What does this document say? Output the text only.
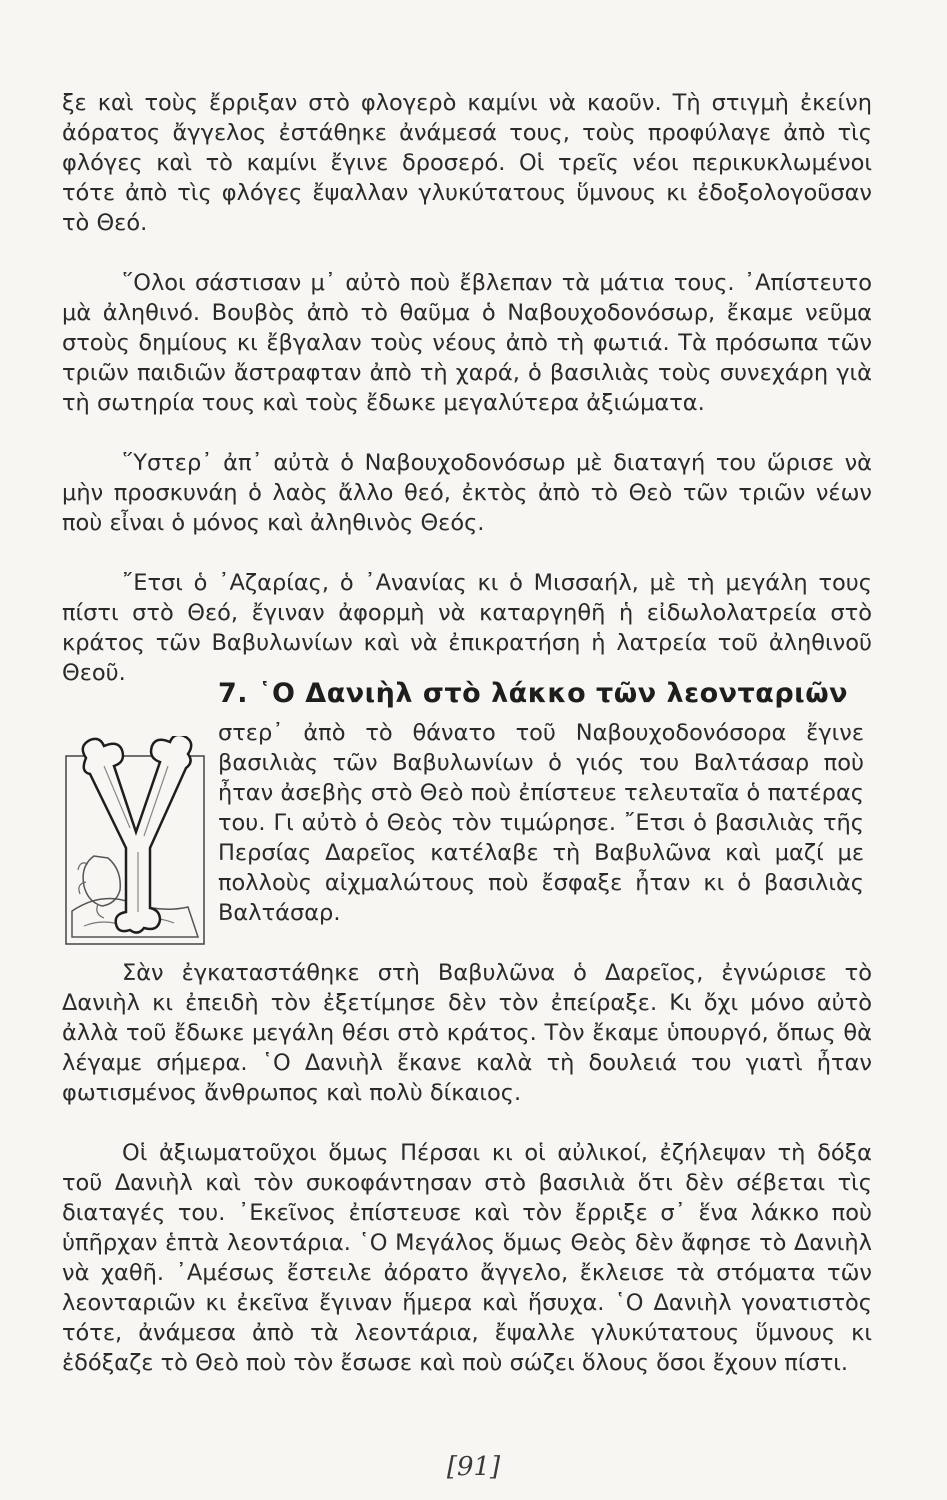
ξε καὶ τοὺς ἔρριξαν στὸ φλογερὸ καμίνι νὰ καοῦν. Τὴ στιγμὴ ἐκείνη ἀόρατος ἄγγελος ἐστάθηκε ἀνάμεσά τους, τοὺς προφύλαγε ἀπὸ τὶς φλόγες καὶ τὸ καμίνι ἔγινε δροσερό. Οἱ τρεῖς νέοι περικυκλωμένοι τότε ἀπὸ τὶς φλόγες ἔψαλλαν γλυκύτατους ὕμνους κι ἐδοξολογοῦσαν τὸ Θεό.

῞Ολοι σάστισαν μ᾿ αὐτὸ ποὺ ἔβλεπαν τὰ μάτια τους. ᾿Απίστευτο μὰ ἀληθινό. Βουβὸς ἀπὸ τὸ θαῦμα ὁ Ναβουχοδονόσωρ, ἔκαμε νεῦμα στοὺς δημίους κι ἔβγαλαν τοὺς νέους ἀπὸ τὴ φωτιά. Τὰ πρόσωπα τῶν τριῶν παιδιῶν ἄστραφταν ἀπὸ τὴ χαρά, ὁ βασιλιὰς τοὺς συνεχάρη γιὰ τὴ σωτηρία τους καὶ τοὺς ἔδωκε μεγαλύτερα ἀξιώματα.

῞Υστερ᾿ ἀπ᾿ αὐτὰ ὁ Ναβουχοδονόσωρ μὲ διαταγή του ὥρισε νὰ μὴν προσκυνάη ὁ λαὸς ἄλλο θεό, ἐκτὸς ἀπὸ τὸ Θεὸ τῶν τριῶν νέων ποὺ εἶναι ὁ μόνος καὶ ἀληθινὸς Θεός.

῎Ετσι ὁ ᾿Αζαρίας, ὁ ᾿Ανανίας κι ὁ Μισσαήλ, μὲ τὴ μεγάλη τους πίστι στὸ Θεό, ἔγιναν ἀφορμὴ νὰ καταργηθῆ ἡ εἰδωλολατρεία στὸ κράτος τῶν Βαβυλωνίων καὶ νὰ ἐπικρατήση ἡ λατρεία τοῦ ἀληθινοῦ Θεοῦ.

7. ῾Ο Δανιὴλ στὸ λάκκο τῶν λεονταριῶν

στερ᾿ ἀπὸ τὸ θάνατο τοῦ Ναβουχοδονόσορα ἔγινε βασιλιὰς τῶν Βαβυλωνίων ὁ γιός του Βαλτάσαρ ποὺ ἦταν ἀσεβὴς στὸ Θεὸ ποὺ ἐπίστευε τελευταῖα ὁ πατέρας του. Γι αὐτὸ ὁ Θεὸς τὸν τιμώρησε. ῎Ετσι ὁ βασιλιὰς τῆς Περσίας Δαρεῖος κατέλαβε τὴ Βαβυλῶνα καὶ μαζί με πολλοὺς αἰχμαλώτους ποὺ ἔσφαξε ἦταν κι ὁ βασιλιὰς Βαλτάσαρ.

Σὰν ἐγκαταστάθηκε στὴ Βαβυλῶνα ὁ Δαρεῖος, ἐγνώρισε τὸ Δανιὴλ κι ἐπειδὴ τὸν ἐξετίμησε δὲν τὸν ἐπείραξε. Κι ὄχι μόνο αὐτὸ ἀλλὰ τοῦ ἔδωκε μεγάλη θέσι στὸ κράτος. Τὸν ἔκαμε ὑπουργό, ὅπως θὰ λέγαμε σήμερα. ῾Ο Δανιὴλ ἔκανε καλὰ τὴ δουλειά του γιατὶ ἦταν φωτισμένος ἄνθρωπος καὶ πολὺ δίκαιος.

Οἱ ἀξιωματοῦχοι ὅμως Πέρσαι κι οἱ αὐλικοί, ἐζήλεψαν τὴ δόξα τοῦ Δανιὴλ καὶ τὸν συκοφάντησαν στὸ βασιλιὰ ὅτι δὲν σέβεται τὶς διαταγές του. ᾿Εκεῖνος ἐπίστευσε καὶ τὸν ἔρριξε σ᾿ ἕνα λάκκο ποὺ ὑπῆρχαν ἑπτὰ λεοντάρια. ῾Ο Μεγάλος ὅμως Θεὸς δὲν ἄφησε τὸ Δανιὴλ νὰ χαθῆ. ᾿Αμέσως ἔστειλε ἀόρατο ἄγγελο, ἔκλεισε τὰ στόματα τῶν λεονταριῶν κι ἐκεῖνα ἔγιναν ἥμερα καὶ ἥσυχα. ῾Ο Δανιὴλ γονατιστὸς τότε, ἀνάμεσα ἀπὸ τὰ λεοντάρια, ἔψαλλε γλυκύτατους ὕμνους κι ἐδόξαζε τὸ Θεὸ ποὺ τὸν ἔσωσε καὶ ποὺ σώζει ὅλους ὅσοι ἔχουν πίστι.

[91]
